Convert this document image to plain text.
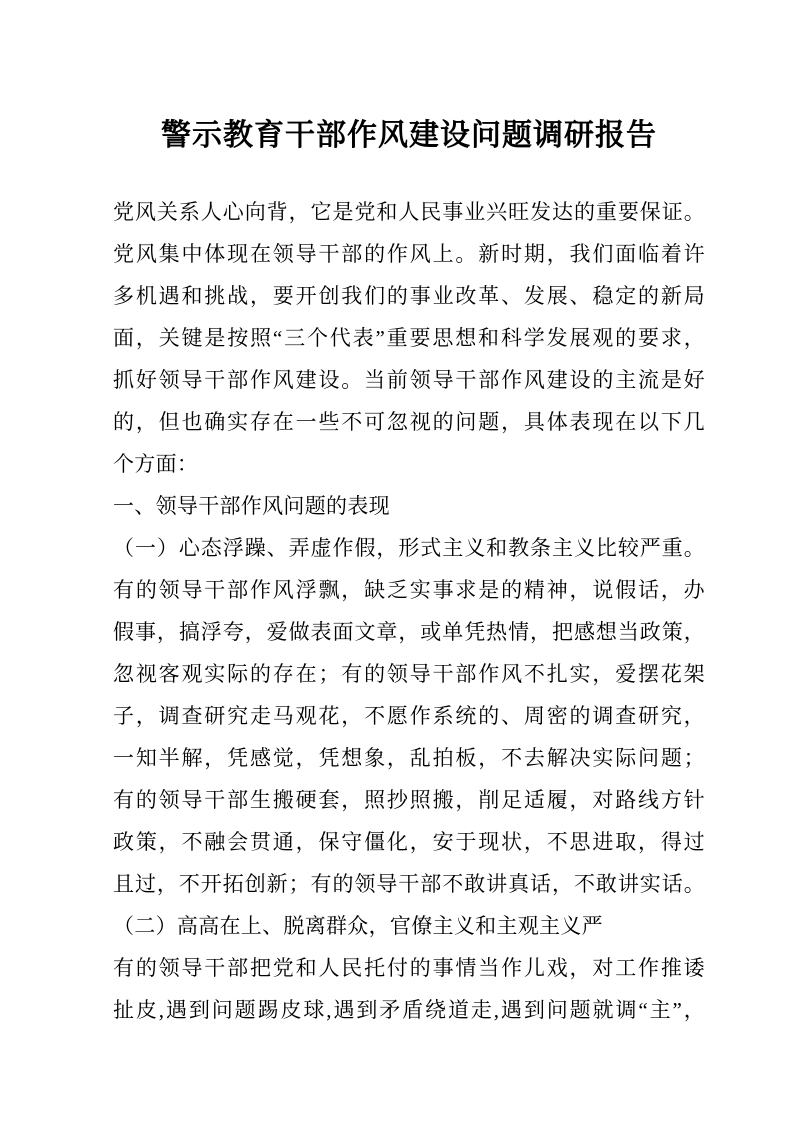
警示教育干部作风建设问题调研报告
党风关系人心向背，它是党和人民事业兴旺发达的重要保证。
党风集中体现在领导干部的作风上。新时期，我们面临着许
多机遇和挑战，要开创我们的事业改革、发展、稳定的新局
面，关键是按照“三个代表”重要思想和科学发展观的要求，
抓好领导干部作风建设。当前领导干部作风建设的主流是好
的，但也确实存在一些不可忽视的问题，具体表现在以下几
个方面：
一、领导干部作风问题的表现
（一）心态浮躁、弄虚作假，形式主义和教条主义比较严重。
有的领导干部作风浮飘，缺乏实事求是的精神，说假话，办
假事，搞浮夸，爱做表面文章，或单凭热情，把感想当政策，
忽视客观实际的存在；有的领导干部作风不扎实，爱摆花架
子，调查研究走马观花，不愿作系统的、周密的调查研究，
一知半解，凭感觉，凭想象，乱拍板，不去解决实际问题；
有的领导干部生搬硬套，照抄照搬，削足适履，对路线方针
政策，不融会贯通，保守僵化，安于现状，不思进取，得过
且过，不开拓创新；有的领导干部不敢讲真话，不敢讲实话。
（二）高高在上、脱离群众，官僚主义和主观主义严
有的领导干部把党和人民托付的事情当作儿戏，对工作推诿
扯皮,遇到问题踢皮球,遇到矛盾绕道走,遇到问题就调“主”，
